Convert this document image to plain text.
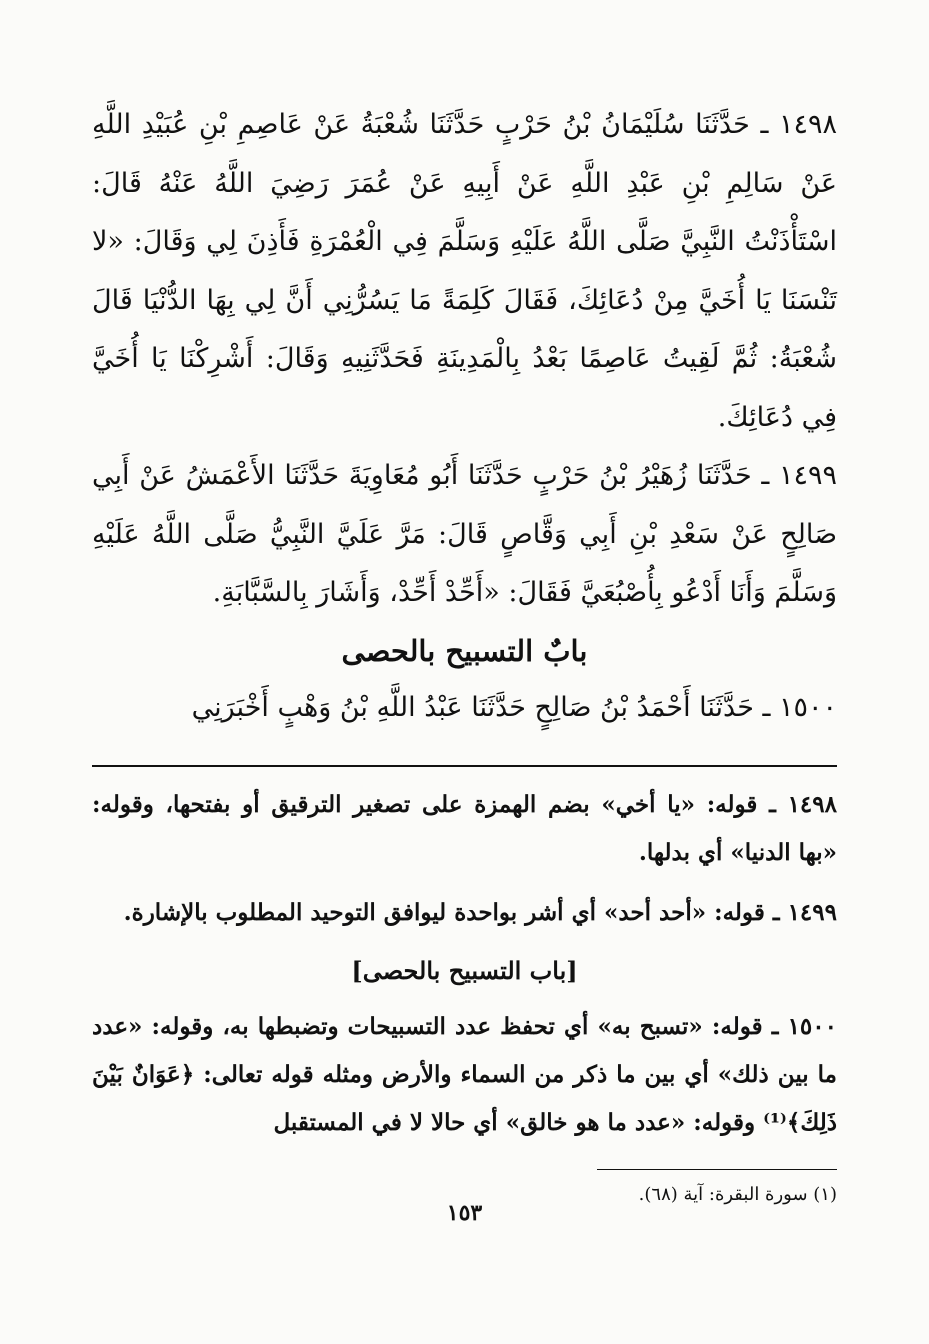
١٤٩٨ ـ حَدَّثَنَا سُلَيْمَانُ بْنُ حَرْبٍ حَدَّثَنَا شُعْبَةُ عَنْ عَاصِمِ بْنِ عُبَيْدِ اللَّهِ عَنْ سَالِمِ بْنِ عَبْدِ اللَّهِ عَنْ أَبِيهِ عَنْ عُمَرَ رَضِيَ اللَّهُ عَنْهُ قَالَ: اسْتَأْذَنْتُ النَّبِيَّ صَلَّى اللَّهُ عَلَيْهِ وَسَلَّمَ فِي الْعُمْرَةِ فَأَذِنَ لِي وَقَالَ: «لا تَنْسَنَا يَا أُخَيَّ مِنْ دُعَائِكَ، فَقَالَ كَلِمَةً مَا يَسُرُّنِي أَنَّ لِي بِهَا الدُّنْيَا قَالَ شُعْبَةُ: ثُمَّ لَقِيتُ عَاصِمًا بَعْدُ بِالْمَدِينَةِ فَحَدَّثَنِيهِ وَقَالَ: أَشْرِكْنَا يَا أُخَيَّ فِي دُعَائِكَ.

١٤٩٩ ـ حَدَّثَنَا زُهَيْرُ بْنُ حَرْبٍ حَدَّثَنَا أَبُو مُعَاوِيَةَ حَدَّثَنَا الأَعْمَشُ عَنْ أَبِي صَالِحٍ عَنْ سَعْدِ بْنِ أَبِي وَقَّاصٍ قَالَ: مَرَّ عَلَيَّ النَّبِيُّ صَلَّى اللَّهُ عَلَيْهِ وَسَلَّمَ وَأَنَا أَدْعُو بِأُصْبُعَيَّ فَقَالَ: «أَحِّدْ أَحِّدْ، وَأَشَارَ بِالسَّبَّابَةِ.

بابٌ التسبيح بالحصى

١٥٠٠ ـ حَدَّثَنَا أَحْمَدُ بْنُ صَالِحٍ حَدَّثَنَا عَبْدُ اللَّهِ بْنُ وَهْبٍ أَخْبَرَنِي

١٤٩٨ ـ قوله: «يا أخي» بضم الهمزة على تصغير الترقيق أو بفتحها، وقوله: «بها الدنيا» أي بدلها.

١٤٩٩ ـ قوله: «أحد أحد» أي أشر بواحدة ليوافق التوحيد المطلوب بالإشارة.

[باب التسبيح بالحصى]

١٥٠٠ ـ قوله: «تسبح به» أي تحفظ عدد التسبيحات وتضبطها به، وقوله: «عدد ما بين ذلك» أي بين ما ذكر من السماء والأرض ومثله قوله تعالى: ﴿عَوَانٌ بَيْنَ ذَلِكَ﴾⁽¹⁾ وقوله: «عدد ما هو خالق» أي حالا لا في المستقبل

(١) سورة البقرة: آية (٦٨).

١٥٣
